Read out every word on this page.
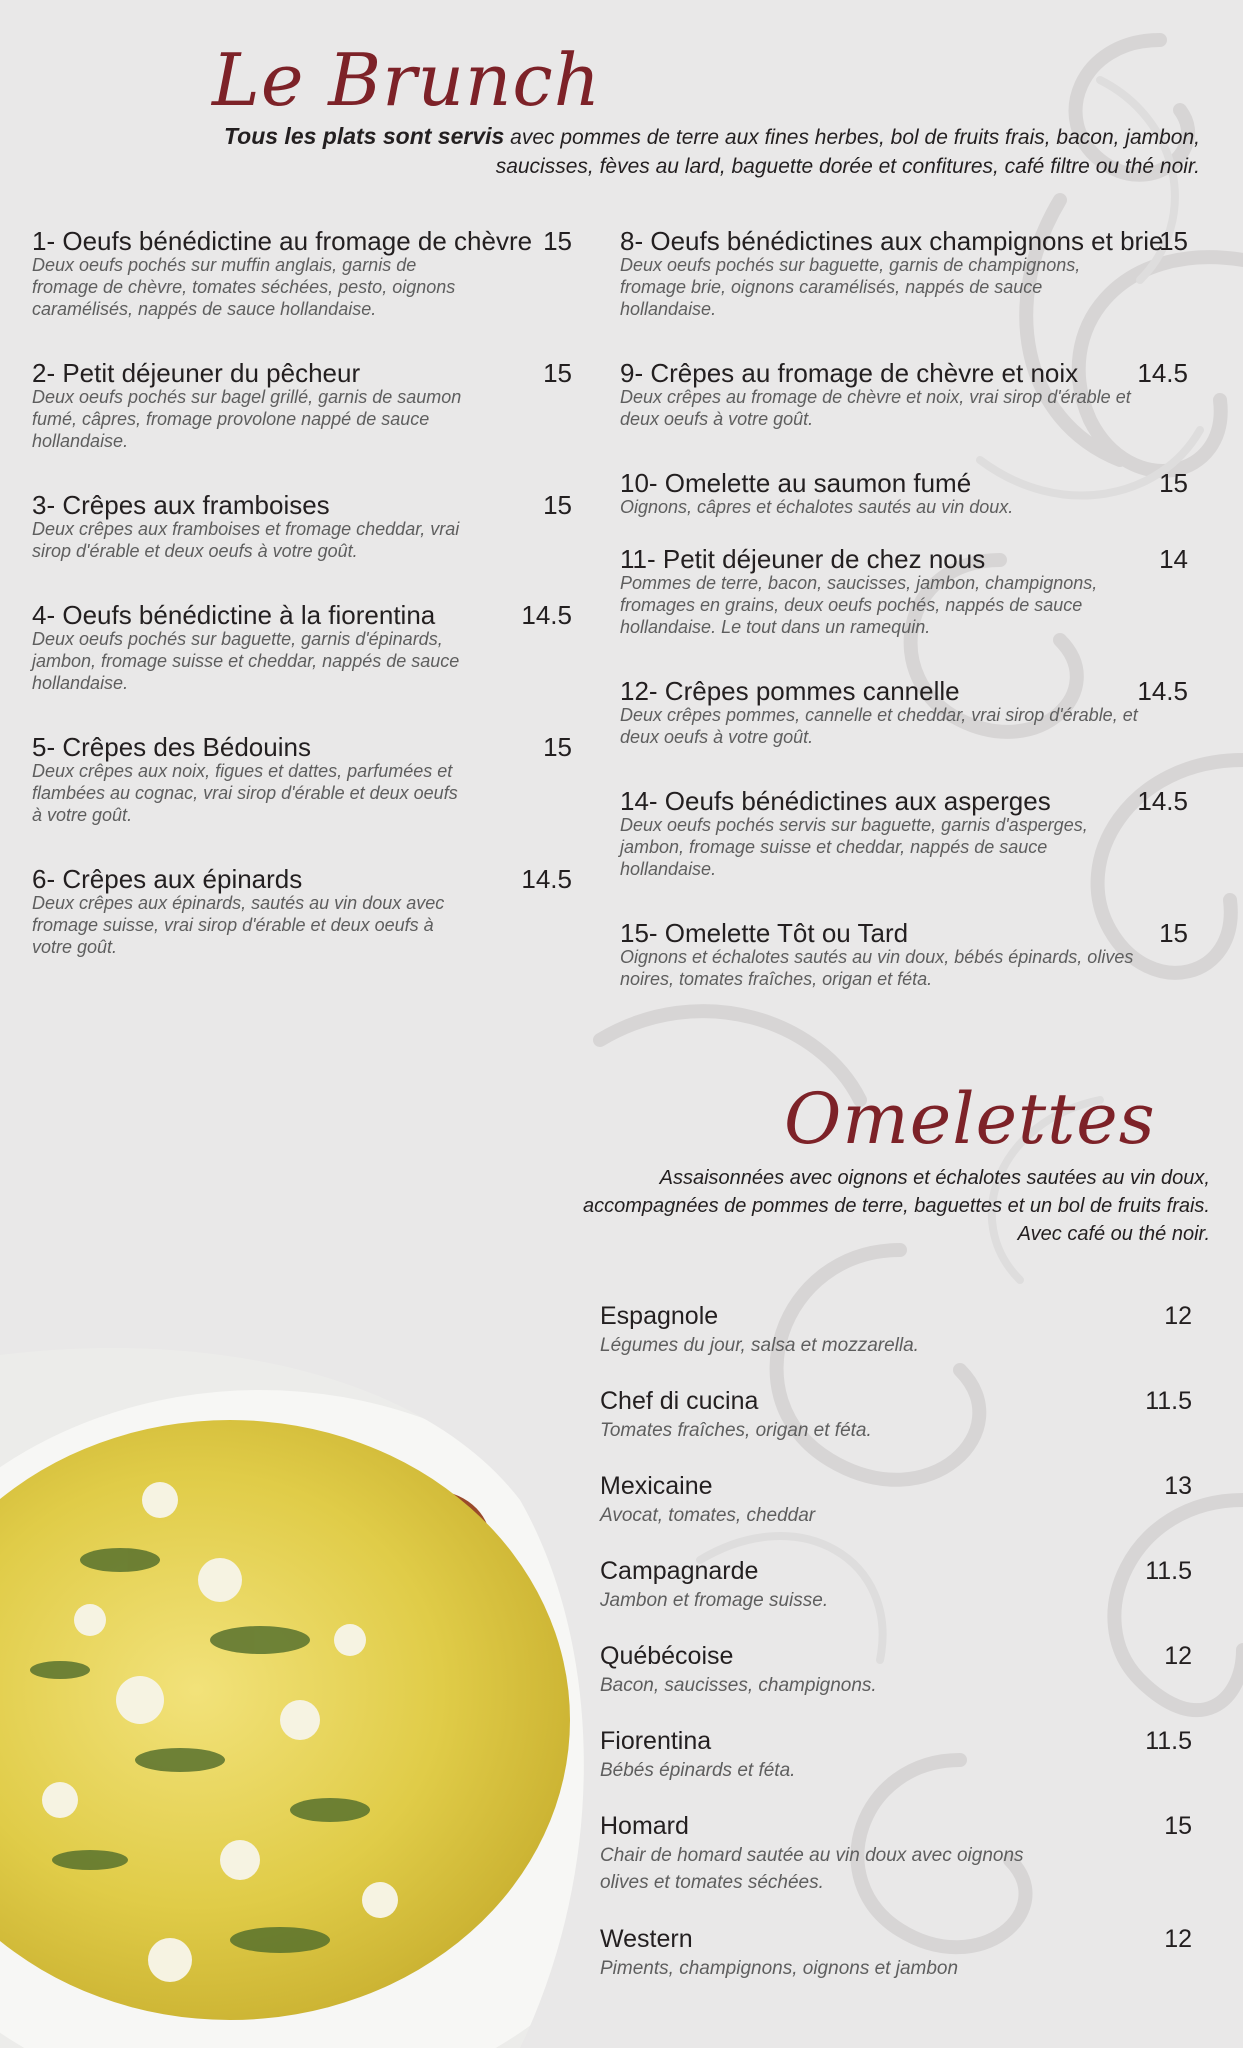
Le Brunch
Tous les plats sont servis avec pommes de terre aux fines herbes, bol de fruits frais, bacon, jambon, saucisses, fèves au lard, baguette dorée et confitures, café filtre ou thé noir.
1- Oeufs bénédictine au fromage de chèvre 15
Deux oeufs pochés sur muffin anglais, garnis de fromage de chèvre, tomates séchées, pesto, oignons caramélisés, nappés de sauce hollandaise.
2- Petit déjeuner du pêcheur	15
Deux oeufs pochés sur bagel grillé, garnis de saumon fumé, câpres, fromage provolone nappé de sauce hollandaise.
3- Crêpes aux framboises	15
Deux crêpes aux framboises et fromage cheddar, vrai sirop d'érable et deux oeufs à votre goût.
4- Oeufs bénédictine à la fiorentina	14.5
Deux oeufs pochés sur baguette, garnis d'épinards, jambon, fromage suisse et cheddar, nappés de sauce hollandaise.
5- Crêpes des Bédouins	15
Deux crêpes aux noix, figues et dattes, parfumées et flambées au cognac, vrai sirop d'érable et deux oeufs à votre goût.
6- Crêpes aux épinards	14.5
Deux crêpes aux épinards, sautés au vin doux avec fromage suisse, vrai sirop d'érable et deux oeufs à votre goût.
8- Oeufs bénédictines aux champignons et brie
15
Deux oeufs pochés sur baguette, garnis de champignons, fromage brie, oignons caramélisés, nappés de sauce hollandaise.
9- Crêpes au fromage de chèvre et noix 14.5
Deux crêpes au fromage de chèvre et noix, vrai sirop d'érable et deux oeufs à votre goût.
10- Omelette au saumon fumé	15
Oignons, câpres et échalotes sautés au vin doux.
11- Petit déjeuner de chez nous	14
Pommes de terre, bacon, saucisses, jambon, champignons, fromages en grains, deux oeufs pochés, nappés de sauce hollandaise. Le tout dans un ramequin.
12- Crêpes pommes cannelle	14.5
Deux crêpes pommes, cannelle et cheddar, vrai sirop d'érable, et deux oeufs à votre goût.
14- Oeufs bénédictines aux asperges	14.5
Deux oeufs pochés servis sur baguette, garnis d'asperges, jambon, fromage suisse et cheddar, nappés de sauce hollandaise.
15- Omelette Tôt ou Tard	15
Oignons et échalotes sautés au vin doux, bébés épinards, olives noires, tomates fraîches, origan et féta.
Omelettes
Assaisonnées avec oignons et échalotes sautées au vin doux, accompagnées de pommes de terre, baguettes et un bol de fruits frais. Avec café ou thé noir.
Espagnole	12
Légumes du jour, salsa et mozzarella.
Chef di cucina	11.5
Tomates fraîches, origan et féta.
Mexicaine	13
Avocat, tomates, cheddar
Campagnarde	11.5
Jambon et fromage suisse.
Québécoise	12
Bacon, saucisses, champignons.
Fiorentina	11.5
Bébés épinards et féta.
Homard	15
Chair de homard sautée au vin doux avec oignons olives et tomates séchées.
Western	12
Piments, champignons, oignons et jambon
